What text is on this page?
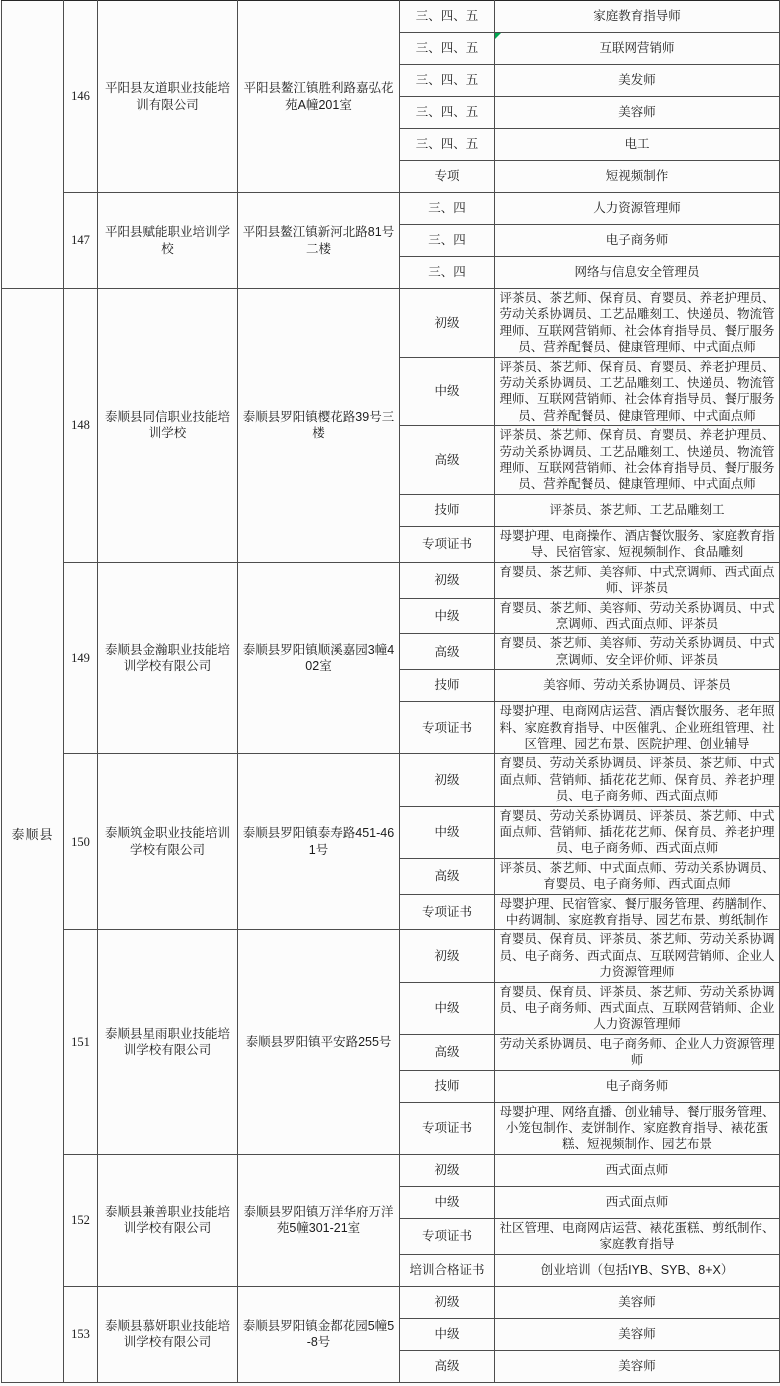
	146	平阳县友道职业技能培训有限公司	平阳县鳌江镇胜利路嘉弘花苑A幢201室	三、四、五	家庭教育指导师
				三、四、五	互联网营销师

				三、四、五	美发师
				三、四、五	美容师
				三、四、五	电工
				专项	短视频制作
	147	平阳县赋能职业培训学校	平阳县鳌江镇新河北路81号二楼	三、四	人力资源管理师
				三、四	电子商务师
				三、四	网络与信息安全管理员
泰顺县	148	泰顺县同信职业技能培训学校	泰顺县罗阳镇樱花路39号三楼	初级	评茶员、茶艺师、保育员、育婴员、养老护理员、劳动关系协调员、工艺品雕刻工、快递员、物流管理师、互联网营销师、社会体育指导员、餐厅服务员、营养配餐员、健康管理师、中式面点师
				中级	评茶员、茶艺师、保育员、育婴员、养老护理员、劳动关系协调员、工艺品雕刻工、快递员、物流管理师、互联网营销师、社会体育指导员、餐厅服务员、营养配餐员、健康管理师、中式面点师
				高级	评茶员、茶艺师、保育员、育婴员、养老护理员、劳动关系协调员、工艺品雕刻工、快递员、物流管理师、互联网营销师、社会体育指导员、餐厅服务员、营养配餐员、健康管理师、中式面点师
				技师	评茶员、茶艺师、工艺品雕刻工
				专项证书	母婴护理、电商操作、酒店餐饮服务、家庭教育指导、民宿管家、短视频制作、食品雕刻
	149	泰顺县金瀚职业技能培训学校有限公司	泰顺县罗阳镇顺溪嘉园3幢402室	初级	育婴员、茶艺师、美容师、中式烹调师、西式面点师、评茶员
				中级	育婴员、茶艺师、美容师、劳动关系协调员、中式烹调师、西式面点师、评茶员
				高级	育婴员、茶艺师、美容师、劳动关系协调员、中式烹调师、安全评价师、评茶员
				技师	美容师、劳动关系协调员、评茶员
				专项证书	母婴护理、电商网店运营、酒店餐饮服务、老年照料、家庭教育指导、中医催乳、企业班组管理、社区管理、园艺布景、医院护理、创业辅导
	150	泰顺筑金职业技能培训学校有限公司	泰顺县罗阳镇泰寿路451-461号	初级	育婴员、劳动关系协调员、评茶员、茶艺师、中式面点师、营销师、插花花艺师、保育员、养老护理员、电子商务师、西式面点师
				中级	育婴员、劳动关系协调员、评茶员、茶艺师、中式面点师、营销师、插花花艺师、保育员、养老护理员、电子商务师、西式面点师
				高级	评茶员、茶艺师、中式面点师、劳动关系协调员、育婴员、电子商务师、西式面点师
				专项证书	母婴护理、民宿管家、餐厅服务管理、药膳制作、中药调制、家庭教育指导、园艺布景、剪纸制作
	151	泰顺县星雨职业技能培训学校有限公司	泰顺县罗阳镇平安路255号	初级	育婴员、保育员、评茶员、茶艺师、劳动关系协调员、电子商务、西式面点、互联网营销师、企业人力资源管理师
				中级	育婴员、保育员、评茶员、茶艺师、劳动关系协调员、电子商务师、西式面点、互联网营销师、企业人力资源管理师
				高级	劳动关系协调员、电子商务师、企业人力资源管理师
				技师	电子商务师
				专项证书	母婴护理、网络直播、创业辅导、餐厅服务管理、小笼包制作、麦饼制作、家庭教育指导、裱花蛋糕、短视频制作、园艺布景
	152	泰顺县兼善职业技能培训学校有限公司	泰顺县罗阳镇万洋华府万洋苑5幢301-21室	初级	西式面点师
				中级	西式面点师
				专项证书	社区管理、电商网店运营、裱花蛋糕、剪纸制作、家庭教育指导
				培训合格证书	创业培训（包括IYB、SYB、8+X）
	153	泰顺县慕妍职业技能培训学校有限公司	泰顺县罗阳镇金都花园5幢5-8号	初级	美容师
				中级	美容师
				高级	美容师
